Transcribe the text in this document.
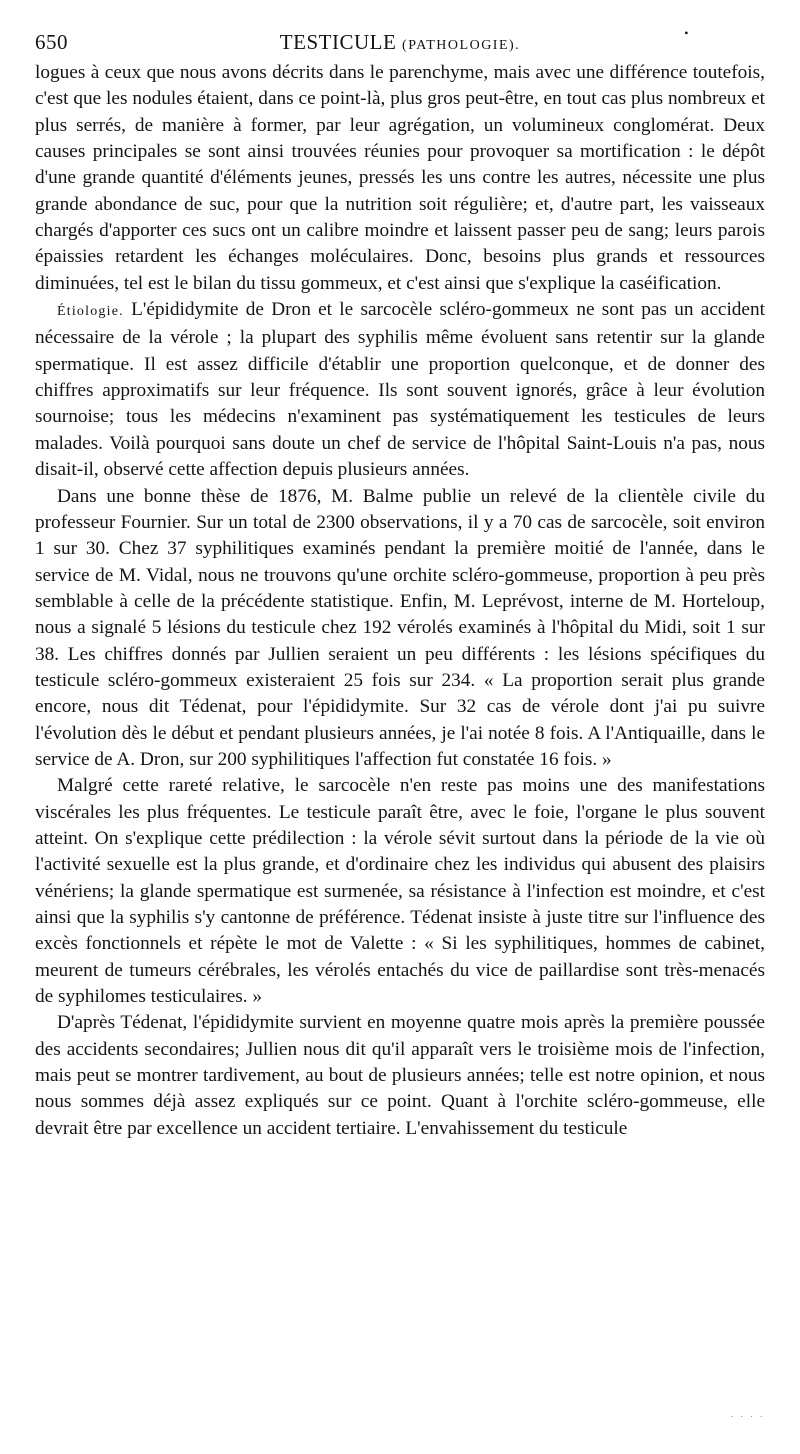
650	TESTICULE (PATHOLOGIE).
•

logues à ceux que nous avons décrits dans le parenchyme, mais avec une différence toutefois, c'est que les nodules étaient, dans ce point-là, plus gros peut-être, en tout cas plus nombreux et plus serrés, de manière à former, par leur agrégation, un volumineux conglomérat. Deux causes principales se sont ainsi trouvées réunies pour provoquer sa mortification : le dépôt d'une grande quantité d'éléments jeunes, pressés les uns contre les autres, nécessite une plus grande abondance de suc, pour que la nutrition soit régulière; et, d'autre part, les vaisseaux chargés d'apporter ces sucs ont un calibre moindre et laissent passer peu de sang; leurs parois épaissies retardent les échanges moléculaires. Donc, besoins plus grands et ressources diminuées, tel est le bilan du tissu gommeux, et c'est ainsi que s'explique la caséification.

Étiologie. L'épididymite de Dron et le sarcocèle scléro-gommeux ne sont pas un accident nécessaire de la vérole ; la plupart des syphilis même évoluent sans retentir sur la glande spermatique. Il est assez difficile d'établir une proportion quelconque, et de donner des chiffres approximatifs sur leur fréquence. Ils sont souvent ignorés, grâce à leur évolution sournoise; tous les médecins n'examinent pas systématiquement les testicules de leurs malades. Voilà pourquoi sans doute un chef de service de l'hôpital Saint-Louis n'a pas, nous disait-il, observé cette affection depuis plusieurs années.

Dans une bonne thèse de 1876, M. Balme publie un relevé de la clientèle civile du professeur Fournier. Sur un total de 2300 observations, il y a 70 cas de sarcocèle, soit environ 1 sur 30. Chez 37 syphilitiques examinés pendant la première moitié de l'année, dans le service de M. Vidal, nous ne trouvons qu'une orchite scléro-gommeuse, proportion à peu près semblable à celle de la précédente statistique. Enfin, M. Leprévost, interne de M. Horteloup, nous a signalé 5 lésions du testicule chez 192 vérolés examinés à l'hôpital du Midi, soit 1 sur 38. Les chiffres donnés par Jullien seraient un peu différents : les lésions spécifiques du testicule scléro-gommeux existeraient 25 fois sur 234. « La proportion serait plus grande encore, nous dit Tédenat, pour l'épididymite. Sur 32 cas de vérole dont j'ai pu suivre l'évolution dès le début et pendant plusieurs années, je l'ai notée 8 fois. A l'Antiquaille, dans le service de A. Dron, sur 200 syphilitiques l'affection fut constatée 16 fois. »

Malgré cette rareté relative, le sarcocèle n'en reste pas moins une des manifestations viscérales les plus fréquentes. Le testicule paraît être, avec le foie, l'organe le plus souvent atteint. On s'explique cette prédilection : la vérole sévit surtout dans la période de la vie où l'activité sexuelle est la plus grande, et d'ordinaire chez les individus qui abusent des plaisirs vénériens; la glande spermatique est surmenée, sa résistance à l'infection est moindre, et c'est ainsi que la syphilis s'y cantonne de préférence. Tédenat insiste à juste titre sur l'influence des excès fonctionnels et répète le mot de Valette : « Si les syphilitiques, hommes de cabinet, meurent de tumeurs cérébrales, les vérolés entachés du vice de paillardise sont très-menacés de syphilomes testiculaires. »

D'après Tédenat, l'épididymite survient en moyenne quatre mois après la première poussée des accidents secondaires; Jullien nous dit qu'il apparaît vers le troisième mois de l'infection, mais peut se montrer tardivement, au bout de plusieurs années; telle est notre opinion, et nous nous sommes déjà assez expliqués sur ce point. Quant à l'orchite scléro-gommeuse, elle devrait être par excellence un accident tertiaire. L'envahissement du testicule

· · · ·
